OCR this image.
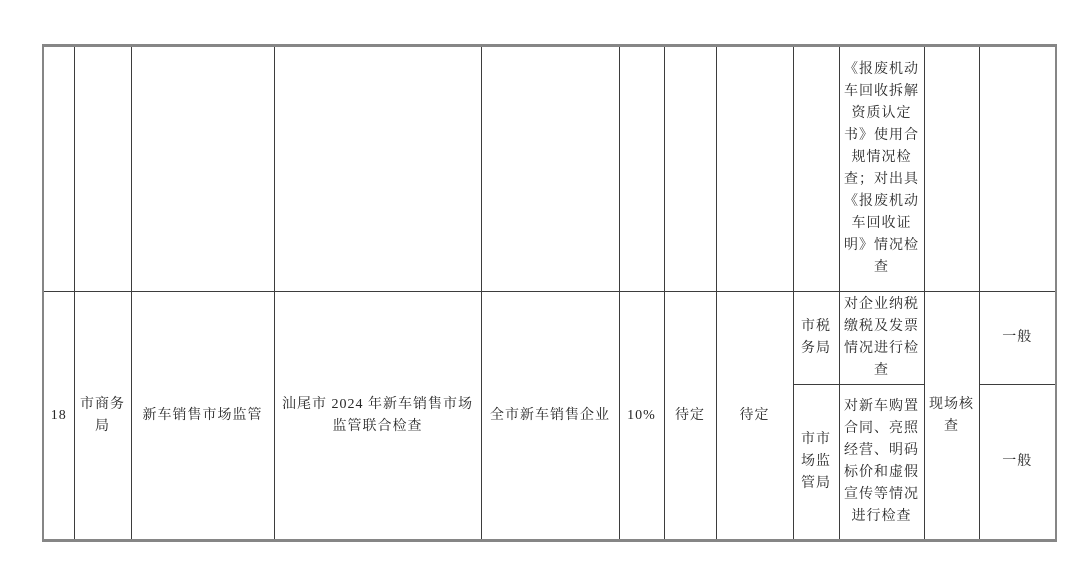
									《报废机动车回收拆解资质认定书》使用合规情况检查；对出具《报废机动车回收证明》情况检查		
18	市商务局	新车销售市场监管	汕尾市 2024 年新车销售市场监管联合检查	全市新车销售企业	10%	待定	待定	市税务局	对企业纳税缴税及发票情况进行检查	现场核查	一般
								市市场监管局	对新车购置合同、亮照经营、明码标价和虚假宣传等情况进行检查		一般
